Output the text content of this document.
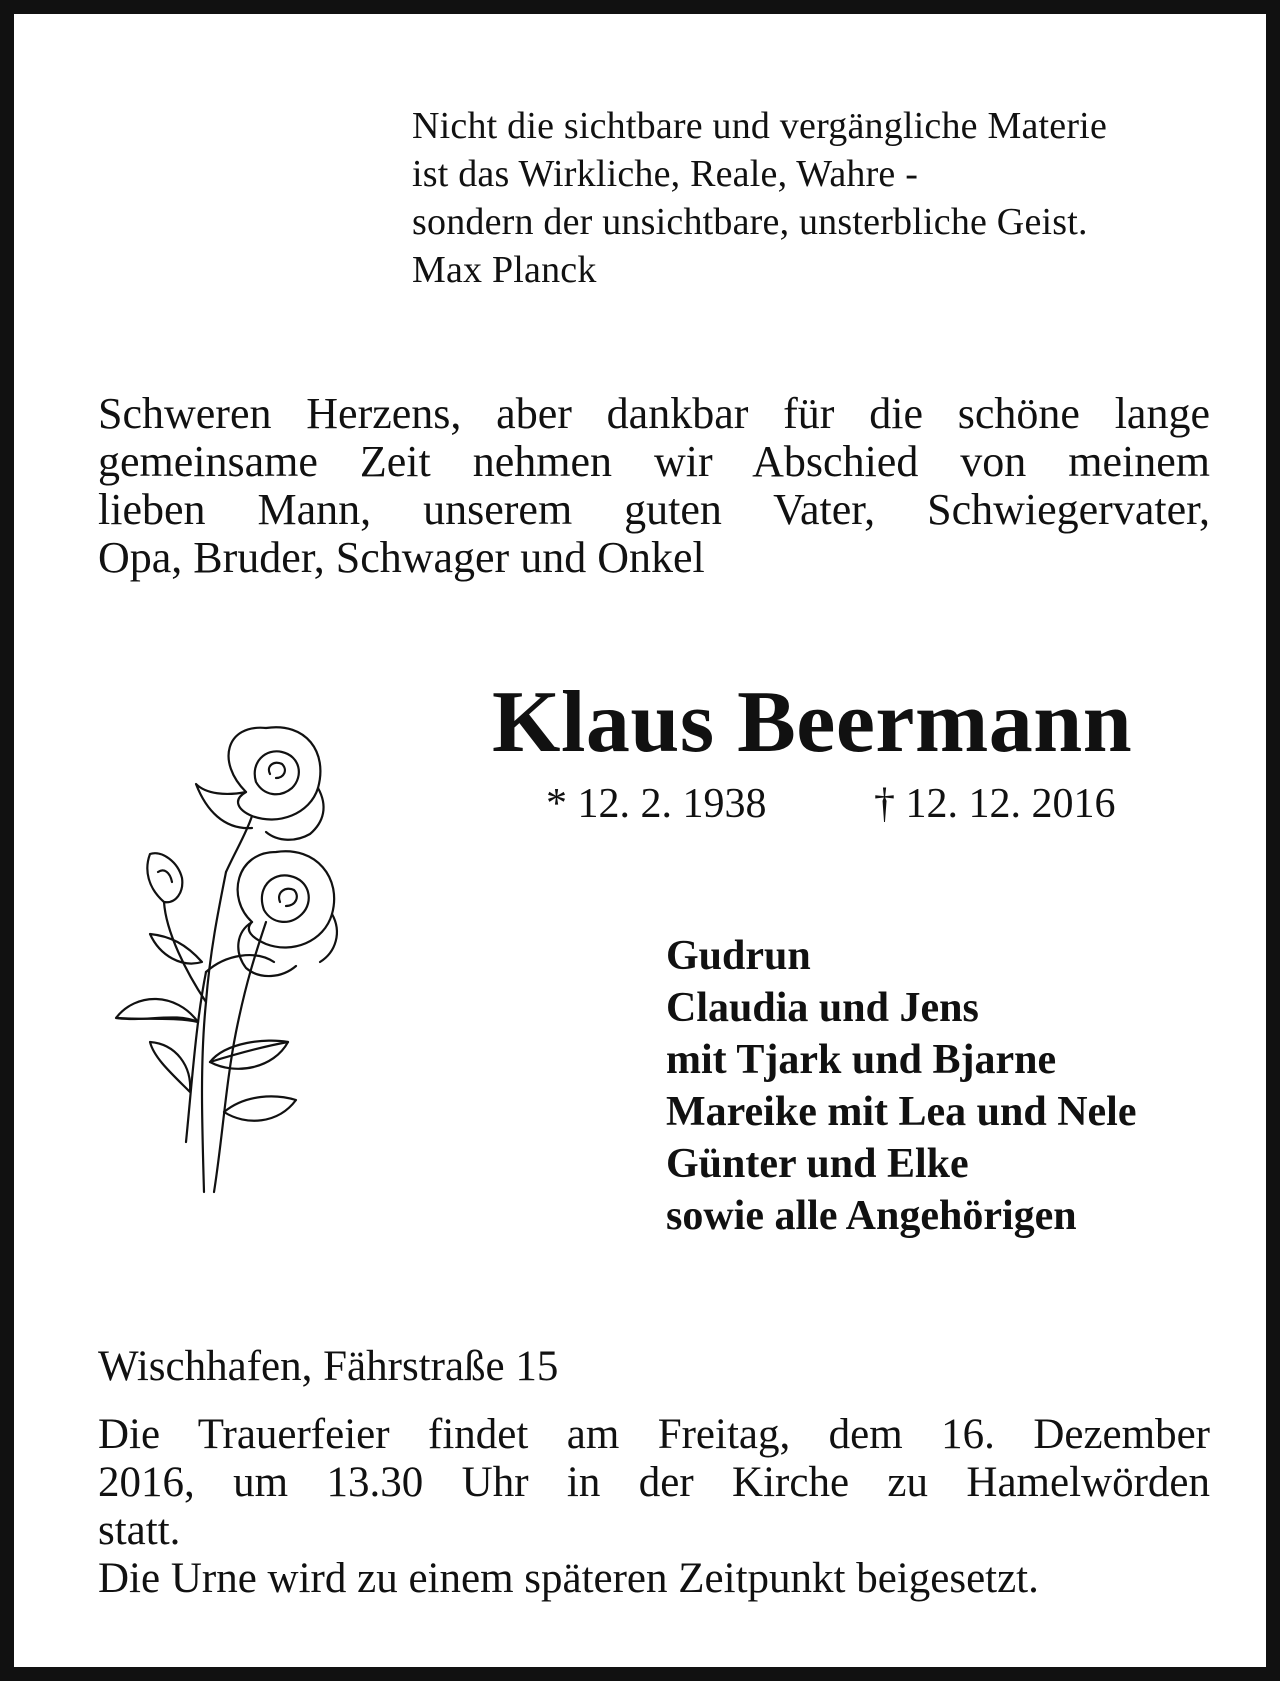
Nicht die sichtbare und vergängliche Materie
ist das Wirkliche, Reale, Wahre -
sondern der unsichtbare, unsterbliche Geist.
Max Planck
Schweren Herzens, aber dankbar für die schöne lange
gemeinsame Zeit nehmen wir Abschied von meinem
lieben Mann, unserem guten Vater, Schwiegervater,
Opa, Bruder, Schwager und Onkel
Klaus Beermann
* 12. 2. 1938	† 12. 12. 2016
Gudrun
Claudia und Jens
mit Tjark und Bjarne
Mareike mit Lea und Nele
Günter und Elke
sowie alle Angehörigen
Wischhafen, Fährstraße 15
Die Trauerfeier findet am Freitag, dem 16. Dezember
2016, um 13.30 Uhr in der Kirche zu Hamelwörden
statt.
Die Urne wird zu einem späteren Zeitpunkt beigesetzt.
